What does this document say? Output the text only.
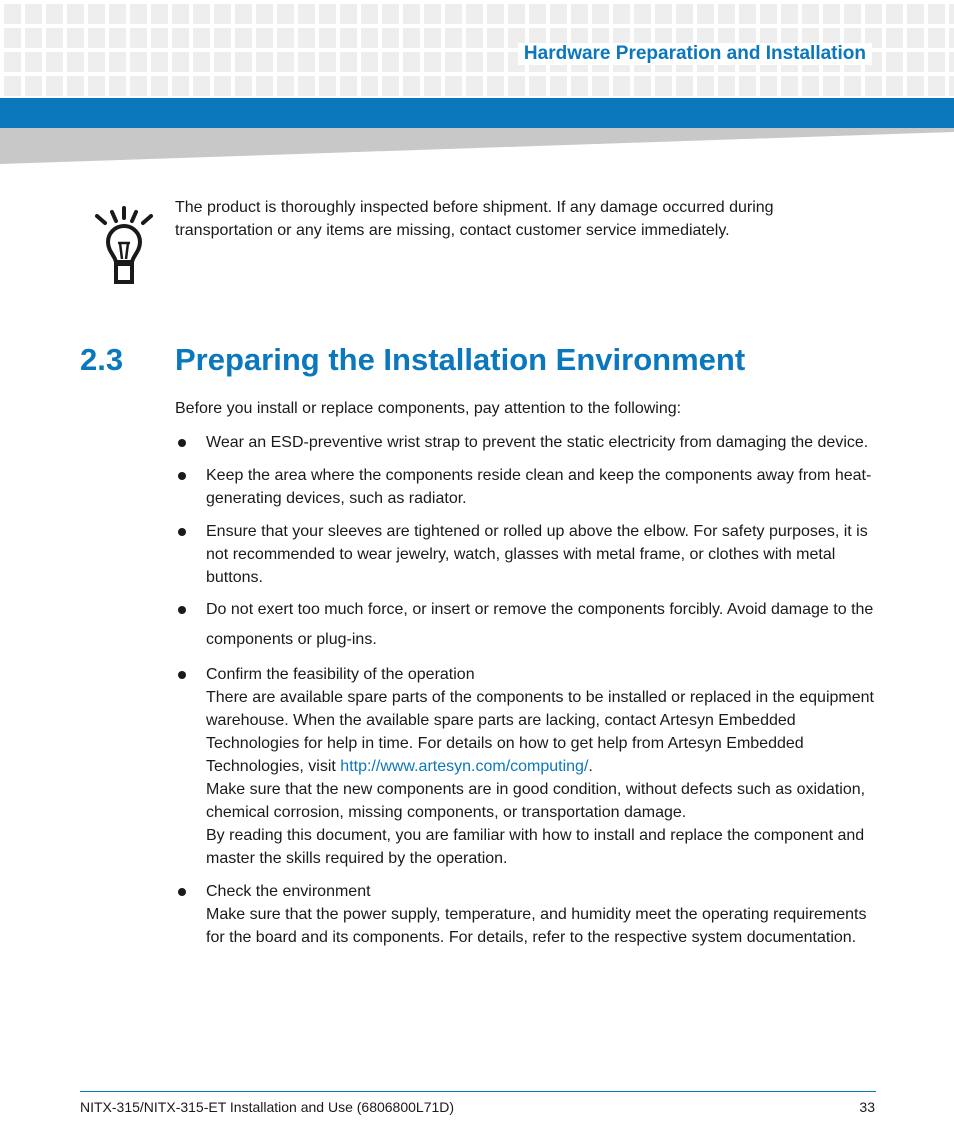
Hardware Preparation and Installation
The product is thoroughly inspected before shipment. If any damage occurred during transportation or any items are missing, contact customer service immediately.
2.3 Preparing the Installation Environment
Before you install or replace components, pay attention to the following:
Wear an ESD-preventive wrist strap to prevent the static electricity from damaging the device.
Keep the area where the components reside clean and keep the components away from heat-generating devices, such as radiator.
Ensure that your sleeves are tightened or rolled up above the elbow. For safety purposes, it is not recommended to wear jewelry, watch, glasses with metal frame, or clothes with metal buttons.
Do not exert too much force, or insert or remove the components forcibly. Avoid damage to the components or plug-ins.
Confirm the feasibility of the operation
There are available spare parts of the components to be installed or replaced in the equipment warehouse. When the available spare parts are lacking, contact Artesyn Embedded Technologies for help in time. For details on how to get help from Artesyn Embedded Technologies, visit http://www.artesyn.com/computing/.
Make sure that the new components are in good condition, without defects such as oxidation, chemical corrosion, missing components, or transportation damage.
By reading this document, you are familiar with how to install and replace the component and master the skills required by the operation.
Check the environment
Make sure that the power supply, temperature, and humidity meet the operating requirements for the board and its components. For details, refer to the respective system documentation.
NITX-315/NITX-315-ET Installation and Use (6806800L71D)	33
